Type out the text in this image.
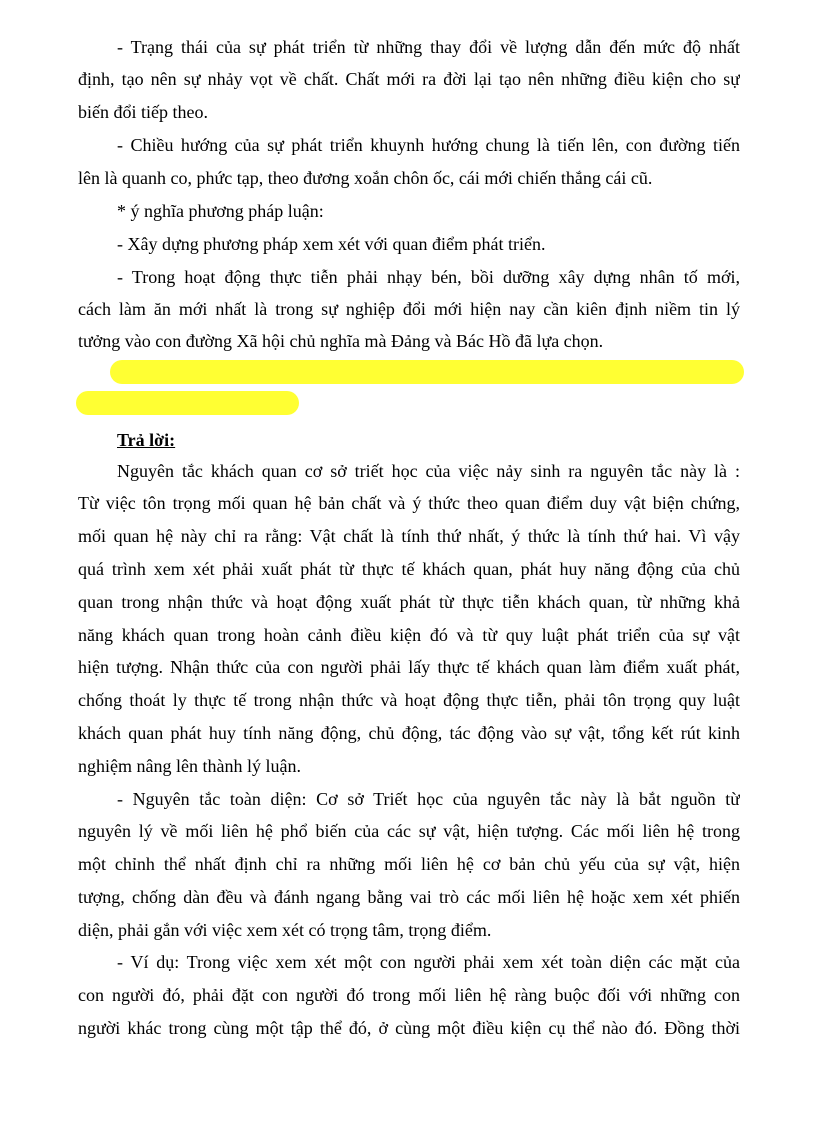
- Trạng thái của sự phát triển từ những thay đổi về lượng dẫn đến mức độ nhất
định, tạo nên sự nhảy vọt về chất. Chất mới ra đời lại tạo nên những điều kiện cho sự
biến đổi tiếp theo.
- Chiều hướng của sự phát triển khuynh hướng chung là tiến lên, con đường tiến
lên là quanh co, phức tạp, theo đương xoắn chôn ốc, cái mới chiến thắng cái cũ.
* ý nghĩa phương pháp luận:
- Xây dựng phương pháp xem xét với quan điểm phát triển.
- Trong hoạt động thực tiễn phải nhạy bén, bồi dưỡng xây dựng nhân tố mới,
cách làm ăn mới nhất là trong sự nghiệp đổi mới hiện nay cần kiên định niềm tin lý
tưởng vào con đường Xã hội chủ nghĩa mà Đảng và Bác Hồ đã lựa chọn.
Trả lời:
Nguyên tắc khách quan cơ sở triết học của việc nảy sinh ra nguyên tắc này là :
Từ việc tôn trọng mối quan hệ bản chất và ý thức theo quan điểm duy vật biện chứng,
mối quan hệ này chỉ ra rằng: Vật chất là tính thứ nhất, ý thức là tính thứ hai. Vì vậy
quá trình xem xét phải xuất phát từ thực tế khách quan, phát huy năng động của chủ
quan trong nhận thức và hoạt động xuất phát từ thực tiễn khách quan, từ những khả
năng khách quan trong hoàn cảnh điều kiện đó và từ quy luật phát triển của sự vật
hiện tượng. Nhận thức của con người phải lấy thực tế khách quan làm điểm xuất phát,
chống thoát ly thực tế trong nhận thức và hoạt động thực tiễn, phải tôn trọng quy luật
khách quan phát huy tính năng động, chủ động, tác động vào sự vật, tổng kết rút kinh
nghiệm nâng lên thành lý luận.
- Nguyên tắc toàn diện: Cơ sở Triết học của nguyên tắc này là bắt nguồn từ
nguyên lý về mối liên hệ phổ biến của các sự vật, hiện tượng. Các mối liên hệ trong
một chỉnh thể nhất định chỉ ra những mối liên hệ cơ bản chủ yếu của sự vật, hiện
tượng, chống dàn đều và đánh ngang bằng vai trò các mối liên hệ hoặc xem xét phiến
diện, phải gắn với việc xem xét có trọng tâm, trọng điểm.
- Ví dụ: Trong việc xem xét một con người phải xem xét toàn diện các mặt của
con người đó, phải đặt con người đó trong mối liên hệ ràng buộc đối với những con
người khác trong cùng một tập thể đó, ở cùng một điều kiện cụ thể nào đó. Đồng thời
